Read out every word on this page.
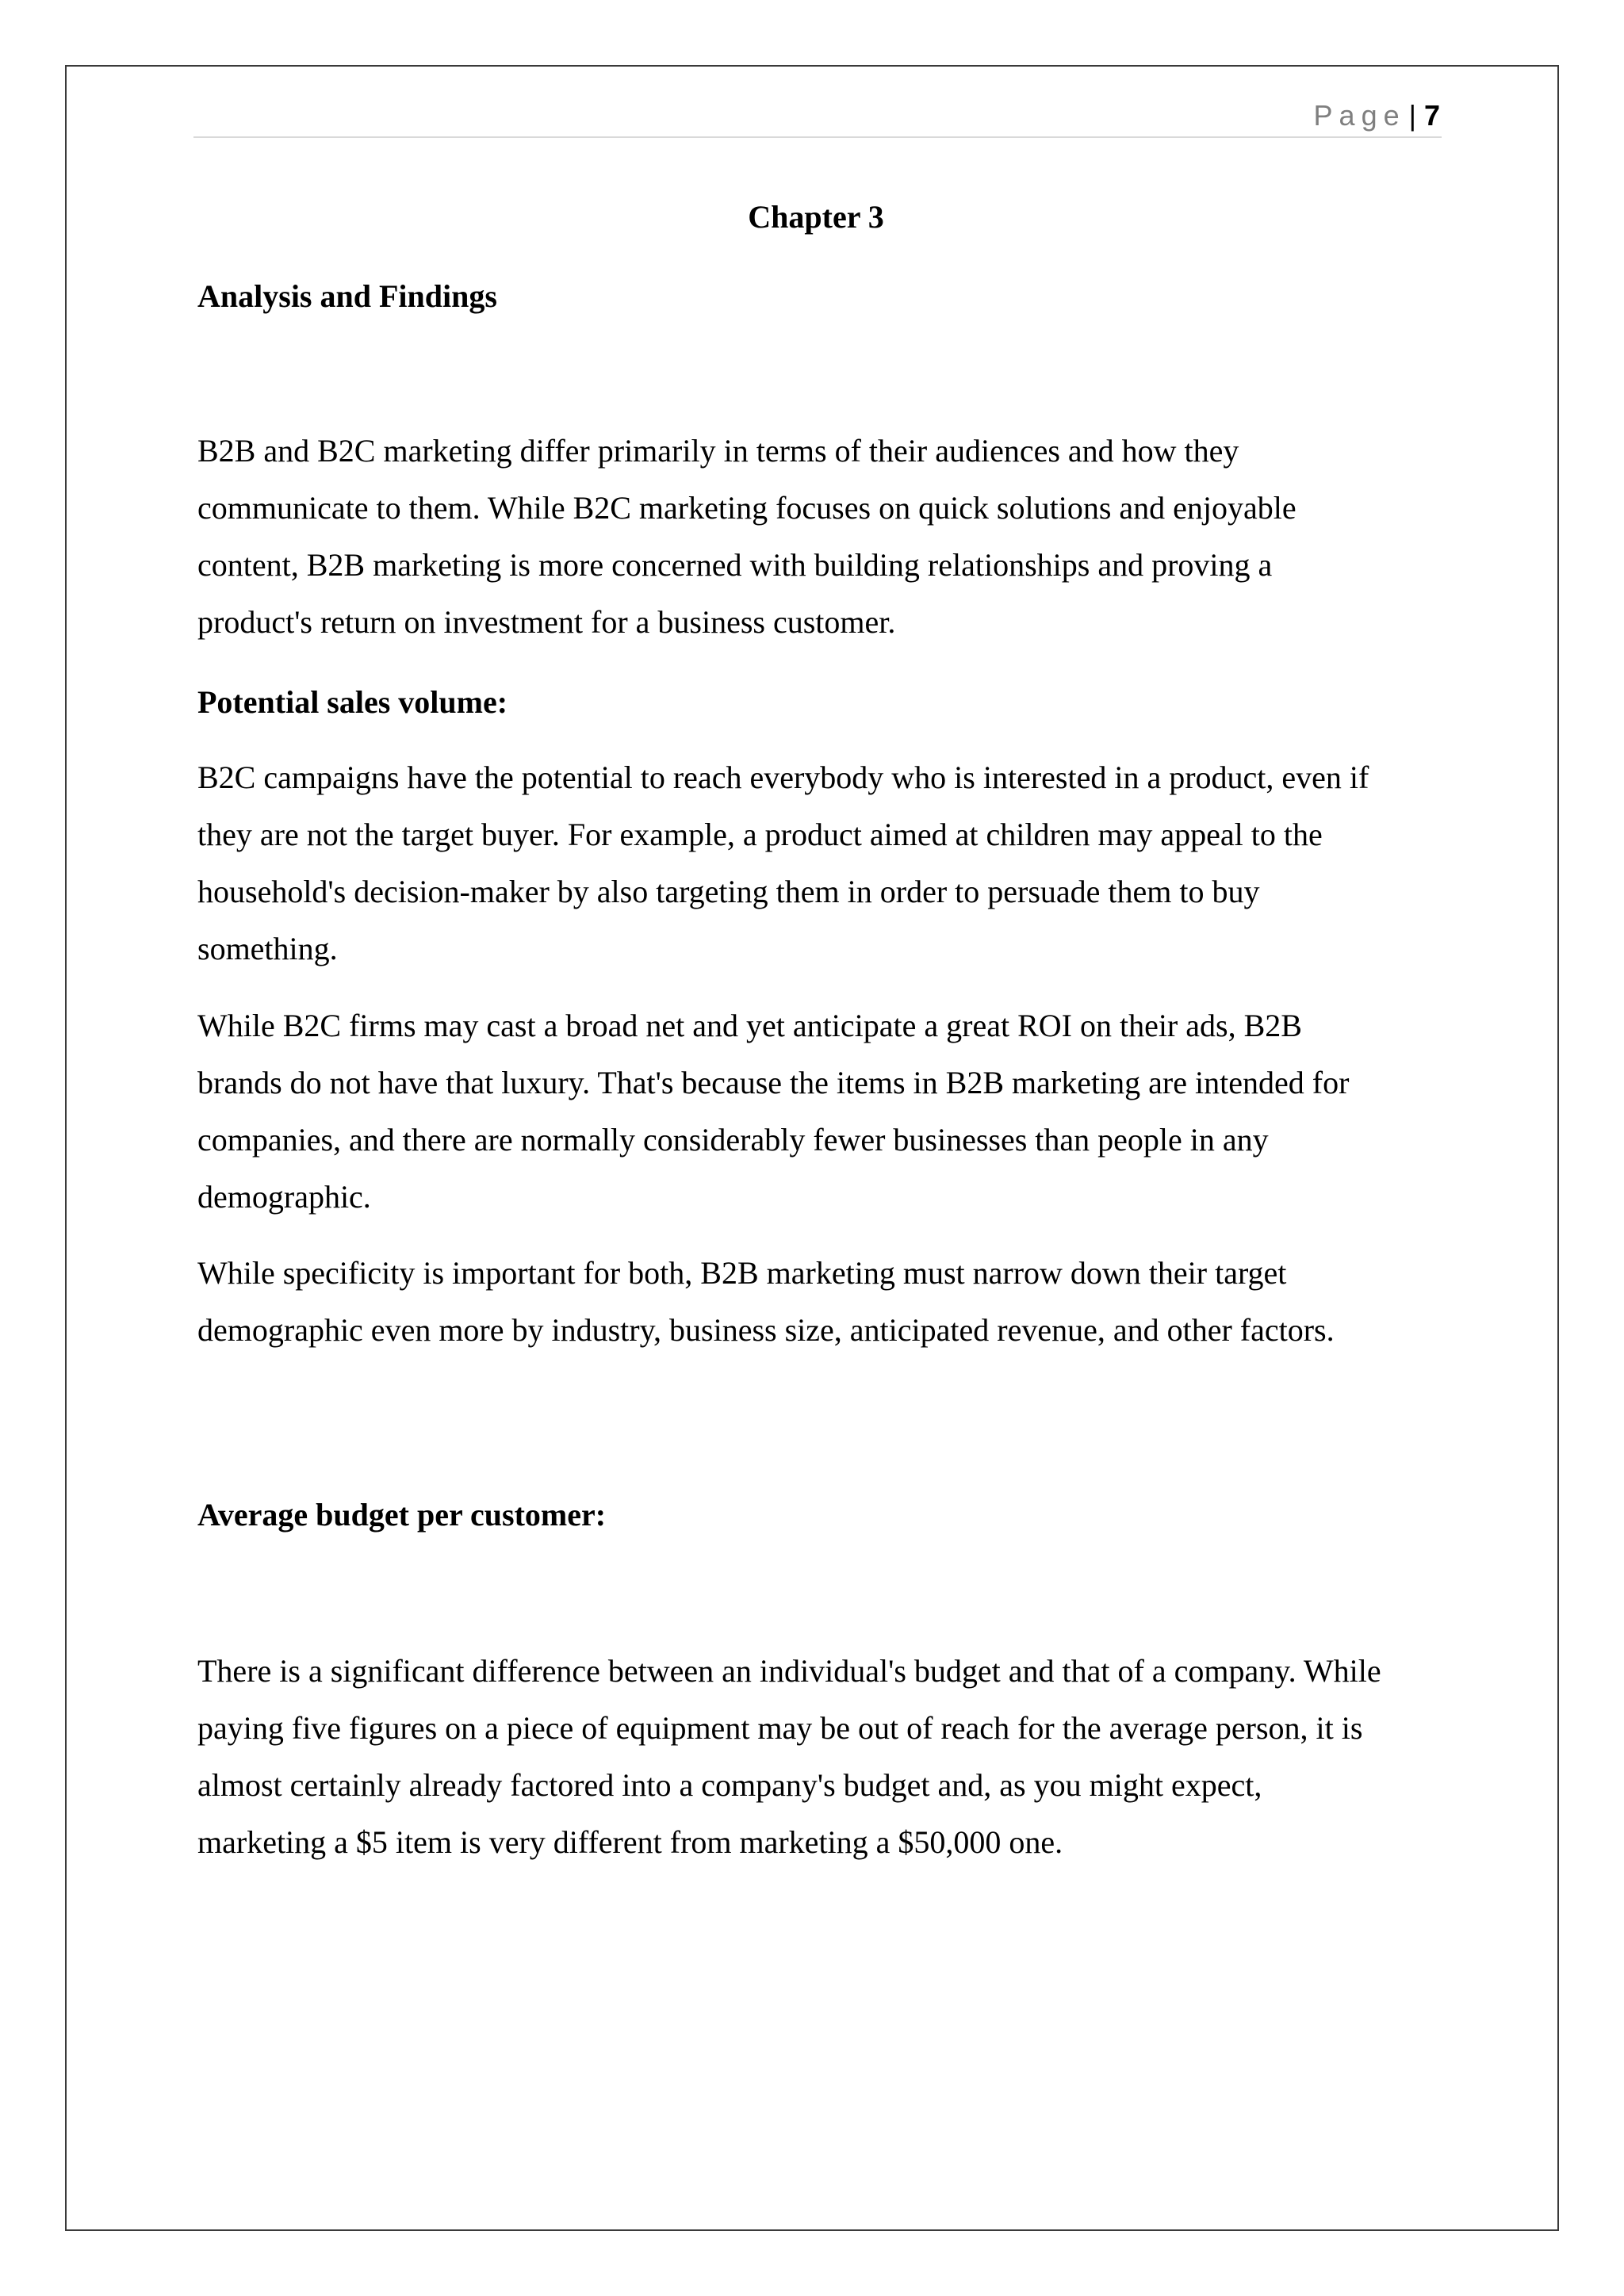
Page | 7
Chapter 3
Analysis and Findings

B2B and B2C marketing differ primarily in terms of their audiences and how they
communicate to them. While B2C marketing focuses on quick solutions and enjoyable
content, B2B marketing is more concerned with building relationships and proving a
product's return on investment for a business customer.

Potential sales volume:

B2C campaigns have the potential to reach everybody who is interested in a product, even if
they are not the target buyer. For example, a product aimed at children may appeal to the
household's decision-maker by also targeting them in order to persuade them to buy
something.

While B2C firms may cast a broad net and yet anticipate a great ROI on their ads, B2B
brands do not have that luxury. That's because the items in B2B marketing are intended for
companies, and there are normally considerably fewer businesses than people in any
demographic.

While specificity is important for both, B2B marketing must narrow down their target
demographic even more by industry, business size, anticipated revenue, and other factors.

Average budget per customer:

There is a significant difference between an individual's budget and that of a company. While
paying five figures on a piece of equipment may be out of reach for the average person, it is
almost certainly already factored into a company's budget and, as you might expect,
marketing a $5 item is very different from marketing a $50,000 one.
